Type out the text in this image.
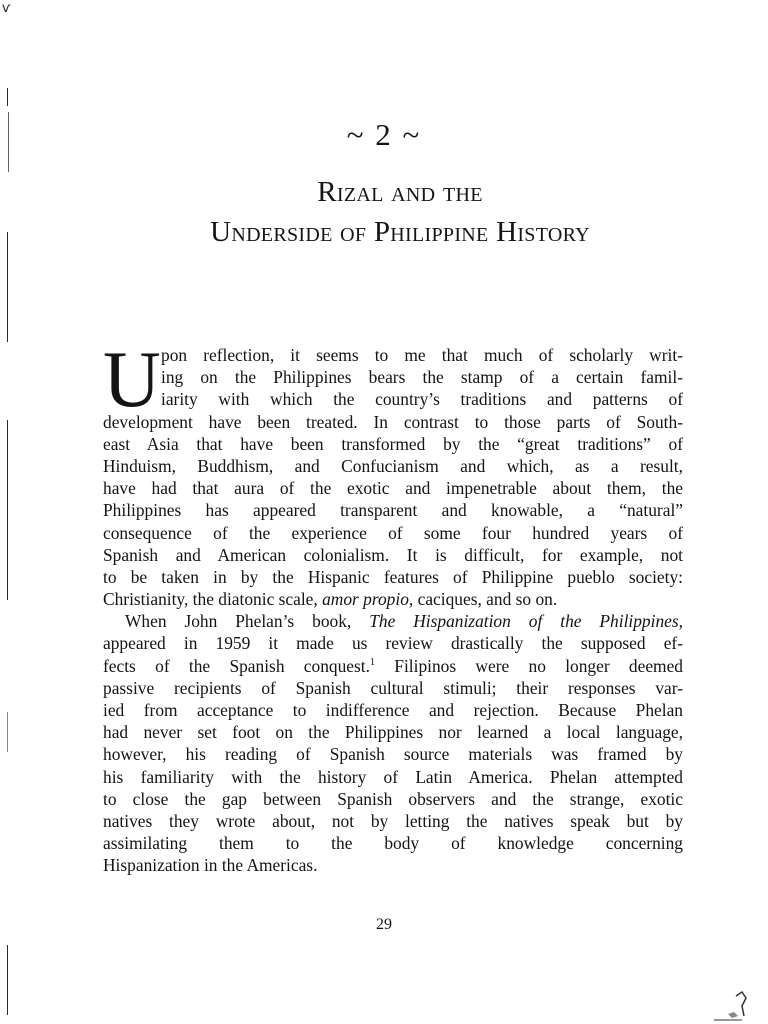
ѵ
~ 2 ~
Rizal and the
Underside of Philippine History
U pon reflection, it seems to me that much of scholarly writ-
ing on the Philippines bears the stamp of a certain famil-
iarity with which the country’s traditions and patterns of
development have been treated. In contrast to those parts of South-
east Asia that have been transformed by the “great traditions” of
Hinduism, Buddhism, and Confucianism and which, as a result,
have had that aura of the exotic and impenetrable about them, the
Philippines has appeared transparent and knowable, a “natural”
consequence of the experience of some four hundred years of
Spanish and American colonialism. It is difficult, for example, not
to be taken in by the Hispanic features of Philippine pueblo society:
Christianity, the diatonic scale, amor propio, caciques, and so on.
When John Phelan’s book, The Hispanization of the Philippines,
appeared in 1959 it made us review drastically the supposed ef-
fects of the Spanish conquest.$^1$ Filipinos were no longer deemed
passive recipients of Spanish cultural stimuli; their responses var-
ied from acceptance to indifference and rejection. Because Phelan
had never set foot on the Philippines nor learned a local language,
however, his reading of Spanish source materials was framed by
his familiarity with the history of Latin America. Phelan attempted
to close the gap between Spanish observers and the strange, exotic
natives they wrote about, not by letting the natives speak but by
assimilating them to the body of knowledge concerning
Hispanization in the Americas.
29
